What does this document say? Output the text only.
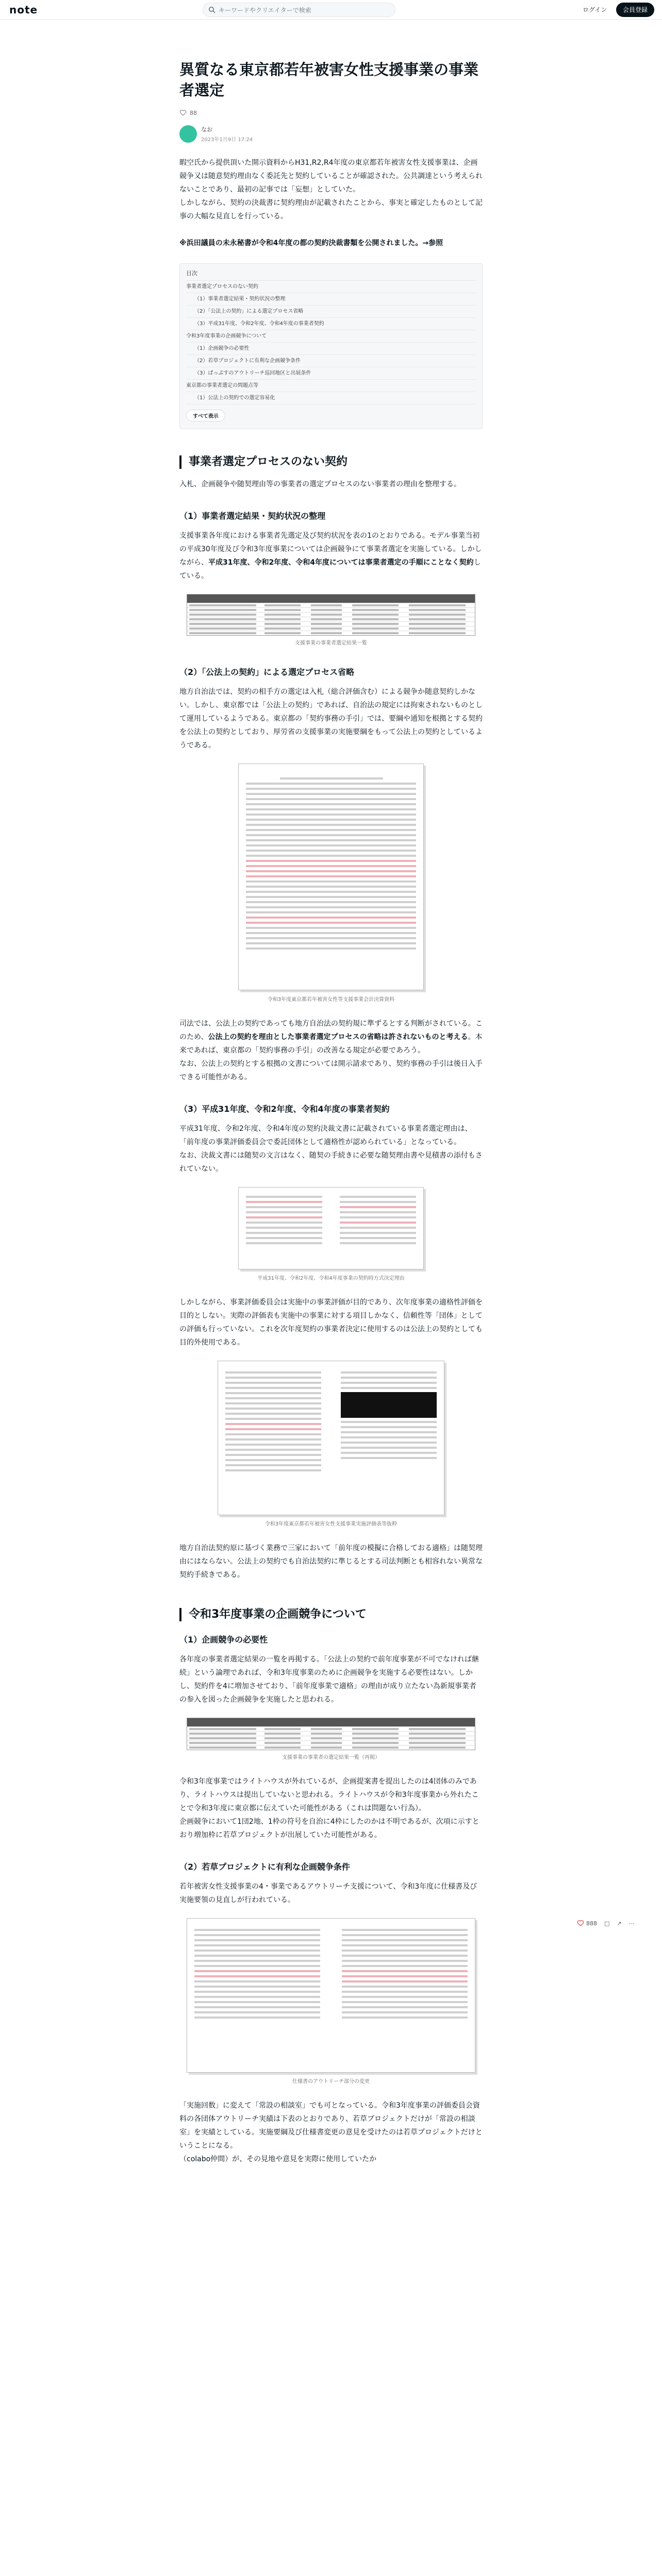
note
キーワードやクリエイターで検索	ログイン	会員登録
異質なる東京都若年被害女性支援事業の事業者選定
88
なお
2023年1月9日 17:24

暇空氏から提供頂いた開示資料からH31,R2,R4年度の東京都若年被害女性支援事業は、企画競争又は随意契約理由なく委託先と契約していることが確認された。公共調達という考えられないことであり、最初の記事では「妄想」としていた。

しかしながら、契約の決裁書に契約理由が記載されたことから、事実と確定したものとして記事の大幅な見直しを行っている。

※浜田議員の未永秘書が令和4年度の都の契約決裁書類を公開されました。→参照

目次
事業者選定プロセスのない契約
（1）事業者選定結果・契約状況の整理
（2）「公法上の契約」による選定プロセス省略
（3）平成31年度、令和2年度、令和4年度の事業者契約
令和3年度事業の企画競争について
（1）企画競争の必要性
（2）若草プロジェクトに有利な企画競争条件
（3）ぱっぷすのアウトリーチ巡回地区と出展条件
東京都の事業者選定の問題点等
（1）公法上の契約での選定容易化
すべて表示
事業者選定プロセスのない契約

入札、企画競争や随契理由等の事業者の選定プロセスのない事業者の理由を整理する。

（1）事業者選定結果・契約状況の整理

支援事業各年度における事業者先選定及び契約状況を表の1のとおりである。モデル事業当初の平成30年度及び令和3年度事業については企画競争にて事業者選定を実施している。しかしながら、平成31年度、令和2年度、令和4年度については事業者選定の手順にことなく契約している。

支援事業の事業者選定結果一覧
（2）「公法上の契約」による選定プロセス省略

地方自治法では、契約の相手方の選定は入札（総合評価含む）による競争か随意契約しかない。しかし、東京都では「公法上の契約」であれば、自治法の規定には拘束されないものとして運用しているようである。東京都の「契約事務の手引」では、要綱や通知を根拠とする契約を公法上の契約としており、厚労省の支援事業の実施要綱をもって公法上の契約としているようである。

令和3年度東京都若年被害女性等支援事業会計決算資料

司法では、公法上の契約であっても地方自治法の契約規に準ずるとする判断がされている。このため、公法上の契約を理由とした事業者選定プロセスの省略は許されないものと考える。本来であれば、東京都の「契約事務の手引」の改善なる規定が必要であろう。

なお、公法上の契約とする根拠の文書については開示請求であり、契約事務の手引は後日入手できる可能性がある。

（3）平成31年度、令和2年度、令和4年度の事業者契約

平成31年度、令和2年度、令和4年度の契約決裁文書に記載されている事業者選定理由は、「前年度の事業評価委員会で委託団体として適格性が認められている」となっている。

なお、決裁文書には随契の文言はなく、随契の手続きに必要な随契理由書や見積書の添付もされていない。

平成31年度、令和2年度、令和4年度事業の契約時方式決定理由

しかしながら、事業評価委員会は実施中の事業評価が目的であり、次年度事業の適格性評価を目的としない。実際の評価表も実施中の事業に対する項目しかなく、信頼性等「団体」としての評価も行っていない。これを次年度契約の事業者決定に使用するのは公法上の契約としても目的外使用である。

令和3年度東京都若年被害女性支援事業実施評価表等抜粋

地方自治法契約原に基づく業務で三家において「前年度の模擬に合格しておる適格」は随契理由にはならない。公法上の契約でも自治法契約に準じるとする司法判断とも相容れない異常な契約手続きである。

令和3年度事業の企画競争について
（1）企画競争の必要性

各年度の事業者選定結果の一覧を再掲する。「公法上の契約で前年度事業が不可でなければ継続」という論理であれば、令和3年度事業のために企画競争を実施する必要性はない。しかし、契約件を4に増加させており、「前年度事業で適格」の理由が成り立たない為新規事業者の参入を図った企画競争を実施したと思われる。

支援事業の事業者の選定結果一覧（再掲）

令和3年度事業ではライトハウスが外れているが、企画提案書を提出したのは4団体のみであり、ライトハウスは提出していないと思われる。ライトハウスが令和3年度事業から外れたことで令和3年度に東京都に伝えていた可能性がある（これは問題ない行為）。

企画競争において1団2地、1枠の符号を自治に4枠にしたのかは不明であるが、次項に示すとおり増加枠に若草プロジェクトが出展していた可能性がある。

（2）若草プロジェクトに有利な企画競争条件

若年被害女性支援事業の4・事業であるアウトリーチ支援について、令和3年度に仕様書及び実施要領の見直しが行われている。

仕様書のアウトリーチ部分の変更

「実施回数」に変えて「常設の相談室」でも可となっている。令和3年度事業の評価委員会資料の各団体アウトリーチ実績は下表のとおりであり、若草プロジェクトだけが「常設の相談室」を実績としている。実施要綱及び仕様書変更の意見を受けたのは若草プロジェクトだけということになる。

（colabo仲間）が、その見地や意見を実際に使用していたか

888 □ ↗ ⋯
